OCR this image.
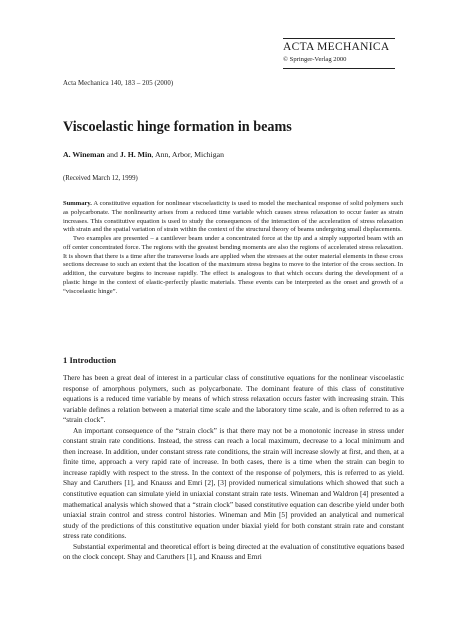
Acta Mechanica 140, 183 – 205 (2000)
ACTA MECHANICA
© Springer-Verlag 2000
Viscoelastic hinge formation in beams
A. Wineman and J. H. Min, Ann, Arbor, Michigan
(Received March 12, 1999)

Summary. A constitutive equation for nonlinear viscoelasticity is used to model the mechanical response of solid polymers such as polycarbonate. The nonlinearity arises from a reduced time variable which causes stress relaxation to occur faster as strain increases. This constitutive equation is used to study the consequences of the interaction of the acceleration of stress relaxation with strain and the spatial variation of strain within the context of the structural theory of beams undergoing small displacements.

Two examples are presented – a cantilever beam under a concentrated force at the tip and a simply supported beam with an off center concentrated force. The regions with the greatest bending moments are also the regions of accelerated stress relaxation. It is shown that there is a time after the transverse loads are applied when the stresses at the outer material elements in these cross sections decrease to such an extent that the location of the maximum stress begins to move to the interior of the cross section. In addition, the curvature begins to increase rapidly. The effect is analogous to that which occurs during the development of a plastic hinge in the context of elastic-perfectly plastic materials. These events can be interpreted as the onset and growth of a “viscoelastic hinge”.

1 Introduction

There has been a great deal of interest in a particular class of constitutive equations for the nonlinear viscoelastic response of amorphous polymers, such as polycarbonate. The dominant feature of this class of constitutive equations is a reduced time variable by means of which stress relaxation occurs faster with increasing strain. This variable defines a relation between a material time scale and the laboratory time scale, and is often referred to as a “strain clock”.

An important consequence of the “strain clock” is that there may not be a monotonic increase in stress under constant strain rate conditions. Instead, the stress can reach a local maximum, decrease to a local minimum and then increase. In addition, under constant stress rate conditions, the strain will increase slowly at first, and then, at a finite time, approach a very rapid rate of increase. In both cases, there is a time when the strain can begin to increase rapidly with respect to the stress. In the context of the response of polymers, this is referred to as yield. Shay and Caruthers [1], and Knauss and Emri [2], [3] provided numerical simulations which showed that such a constitutive equation can simulate yield in uniaxial constant strain rate tests. Wineman and Waldron [4] presented a mathematical analysis which showed that a “strain clock” based constitutive equation can describe yield under both uniaxial strain control and stress control histories. Wineman and Min [5] provided an analytical and numerical study of the predictions of this constitutive equation under biaxial yield for both constant strain rate and constant stress rate conditions.

Substantial experimental and theoretical effort is being directed at the evaluation of constitutive equations based on the clock concept. Shay and Caruthers [1], and Knauss and Emri
